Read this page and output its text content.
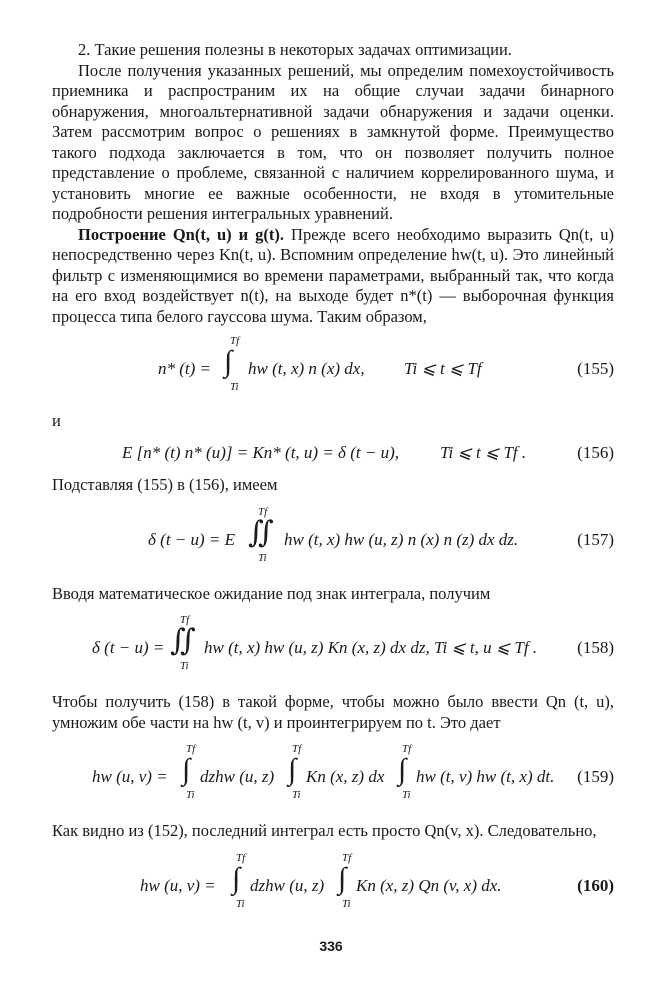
2. Такие решения полезны в некоторых задачах оптимизации.

После получения указанных решений, мы определим помехоустойчивость приемника и распространим их на общие случаи задачи бинарного обнаружения, многоальтернативной задачи обнаружения и задачи оценки. Затем рассмотрим вопрос о решениях в замкнутой форме. Преимущество такого подхода заключается в том, что он позволяет получить полное представление о проблеме, связанной с наличием коррелированного шума, и установить многие ее важные особенности, не входя в утомительные подробности решения интегральных уравнений.

Построение Qn(t, u) и g(t). Прежде всего необходимо выразить Qn(t, u) непосредственно через Kn(t, u). Вспомним определение hw(t, u). Это линейный фильтр с изменяющимися во времени параметрами, выбранный так, что когда на его вход воздействует n(t), на выходе будет n*(t) — выборочная функция процесса типа белого гауссова шума. Таким образом,

n* (t) =
Tf
∫
Ti
hw (t, x) n (x) dx, Ti ⩽ t ⩽ Tf	(155)
и
E [n* (t) n* (u)] = Kn* (t, u) = δ (t − u), Ti ⩽ t ⩽ Tf .	(156)

Подставляя (155) в (156), имеем

δ (t − u) = E
Tf
∬
Ti
hw (t, x) hw (u, z) n (x) n (z) dx dz.	(157)

Вводя математическое ожидание под знак интеграла, получим

δ (t − u) =
Tf
∬
Ti
hw (t, x) hw (u, z) Kn (x, z) dx dz, Ti ⩽ t, u ⩽ Tf . (158)

Чтобы получить (158) в такой форме, чтобы можно было ввести Qn (t, u), умножим обе части на hw (t, v) и проинтегрируем по t. Это дает

hw (u, v) =
Tf
∫
Ti
dzhw (u, z)
Tf
∫
Ti
Kn (x, z) dx
Tf
∫
Ti
hw (t, v) hw (t, x) dt. (159)

Как видно из (152), последний интеграл есть просто Qn(v, x). Следовательно,

hw (u, v) =
Tf
∫
Ti
dzhw (u, z)
Tf
∫
Ti
Kn (x, z) Qn (v, x) dx.	(160)
336
